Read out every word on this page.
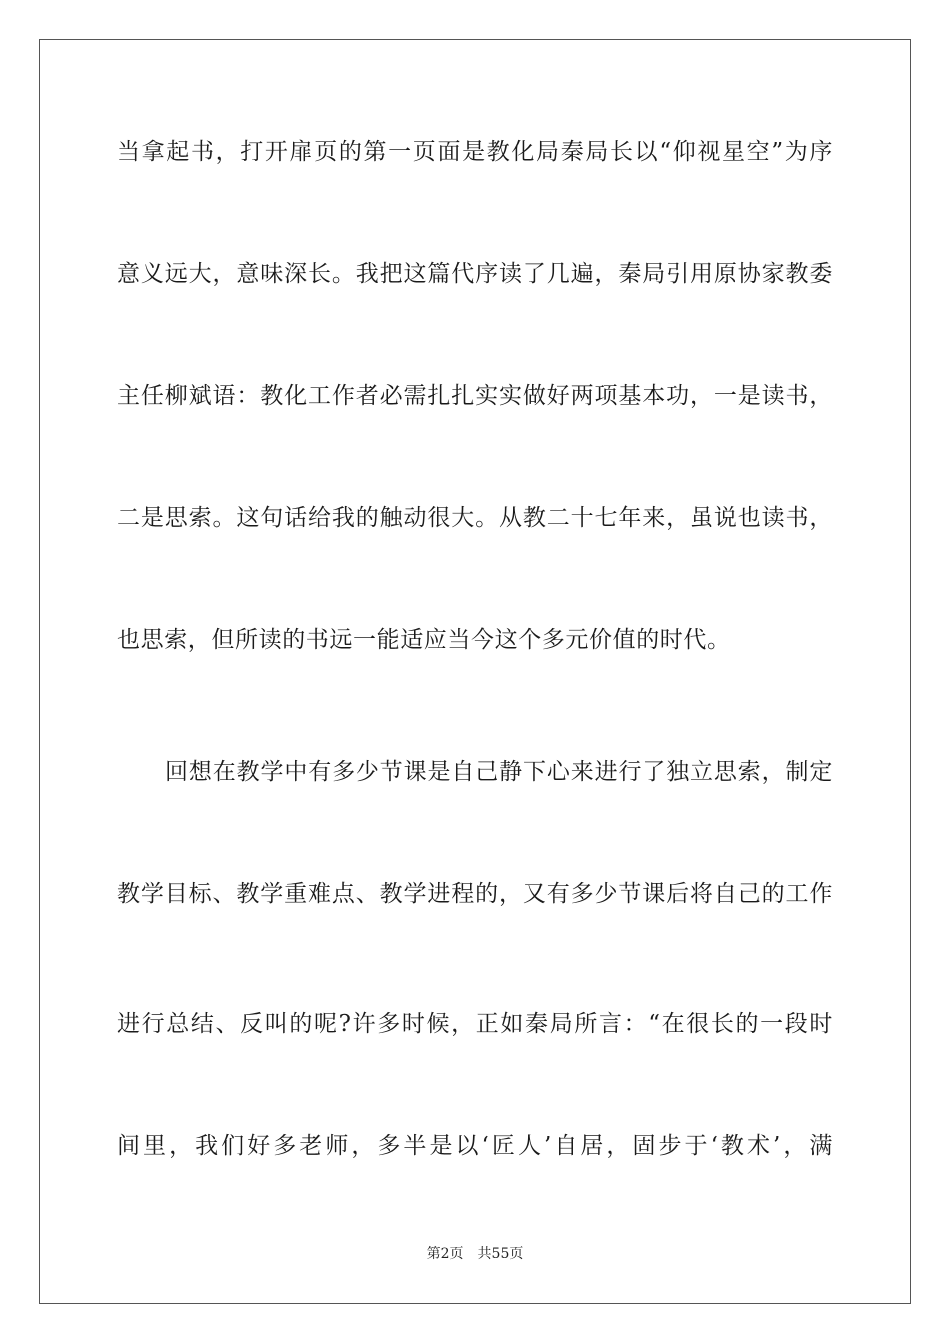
当拿起书，打开扉页的第一页面是教化局秦局长以“仰视星空”为序
意义远大，意味深长。我把这篇代序读了几遍，秦局引用原协家教委
主任柳斌语：教化工作者必需扎扎实实做好两项基本功，一是读书，
二是思索。这句话给我的触动很大。从教二十七年来，虽说也读书，
也思索，但所读的书远一能适应当今这个多元价值的时代。
回想在教学中有多少节课是自己静下心来进行了独立思索，制定
教学目标、教学重难点、教学进程的，又有多少节课后将自己的工作
进行总结、反叫的呢?许多时候，正如秦局所言：“在很长的一段时
间里，我们好多老师，多半是以‘匠人’自居，固步于‘教术’，满
第2页 共55页
